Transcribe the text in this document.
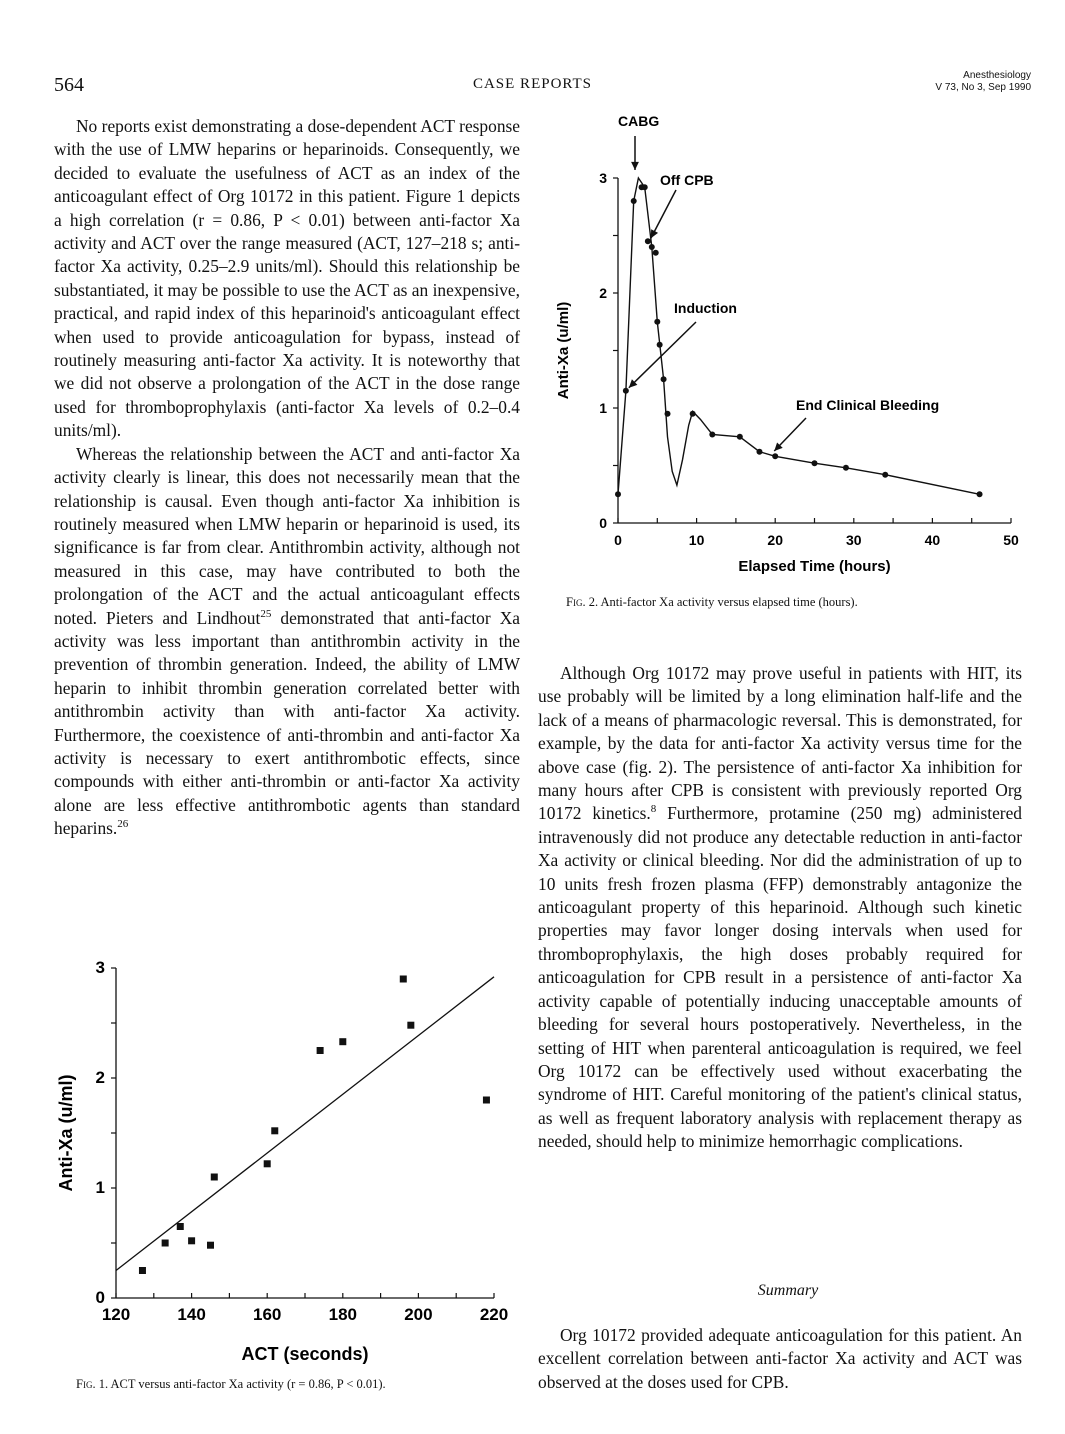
564	CASE REPORTS
Anesthesiology
V 73, No 3, Sep 1990

No reports exist demonstrating a dose-dependent ACT response with the use of LMW heparins or heparinoids. Consequently, we decided to evaluate the usefulness of ACT as an index of the anticoagulant effect of Org 10172 in this patient. Figure 1 depicts a high correlation (r = 0.86, P < 0.01) between anti-factor Xa activity and ACT over the range measured (ACT, 127–218 s; anti-factor Xa activity, 0.25–2.9 units/ml). Should this relationship be substantiated, it may be possible to use the ACT as an inexpensive, practical, and rapid index of this heparinoid's anticoagulant effect when used to provide anticoagulation for bypass, instead of routinely measuring anti-factor Xa activity. It is noteworthy that we did not observe a prolongation of the ACT in the dose range used for thromboprophylaxis (anti-factor Xa levels of 0.2–0.4 units/ml).

Whereas the relationship between the ACT and anti-factor Xa activity clearly is linear, this does not necessarily mean that the relationship is causal. Even though anti-factor Xa inhibition is routinely measured when LMW heparin or heparinoid is used, its significance is far from clear. Antithrombin activity, although not measured in this case, may have contributed to both the prolongation of the ACT and the actual anticoagulant effects noted. Pieters and Lindhout$^{25}$ demonstrated that anti-factor Xa activity was less important than antithrombin activity in the prevention of thrombin generation. Indeed, the ability of LMW heparin to inhibit thrombin generation correlated better with antithrombin activity than with anti-factor Xa activity. Furthermore, the coexistence of anti-thrombin and anti-factor Xa activity is necessary to exert antithrombotic effects, since compounds with either anti-thrombin or anti-factor Xa activity alone are less effective antithrombotic agents than standard heparins.$^{26}$

120	140	160	180	200	220
0
1
2
3
ACT (seconds)
Anti-Xa (u/ml)
Fig. 1. ACT versus anti-factor Xa activity (r = 0.86, P < 0.01).
0	10	20	30	40	50
0
1
2
3
Elapsed Time (hours)
Anti-Xa (u/ml)
CABG
Off CPB
Induction
End Clinical Bleeding
Fig. 2. Anti-factor Xa activity versus elapsed time (hours).

Although Org 10172 may prove useful in patients with HIT, its use probably will be limited by a long elimination half-life and the lack of a means of pharmacologic reversal. This is demonstrated, for example, by the data for anti-factor Xa activity versus time for the above case (fig. 2). The persistence of anti-factor Xa inhibition for many hours after CPB is consistent with previously reported Org 10172 kinetics.$^8$ Furthermore, protamine (250 mg) administered intravenously did not produce any detectable reduction in anti-factor Xa activity or clinical bleeding. Nor did the administration of up to 10 units fresh frozen plasma (FFP) demonstrably antagonize the anticoagulant property of this heparinoid. Although such kinetic properties may favor longer dosing intervals when used for thromboprophylaxis, the high doses probably required for anticoagulation for CPB result in a persistence of anti-factor Xa activity capable of potentially inducing unacceptable amounts of bleeding for several hours postoperatively. Nevertheless, in the setting of HIT when parenteral anticoagulation is required, we feel Org 10172 can be effectively used without exacerbating the syndrome of HIT. Careful monitoring of the patient's clinical status, as well as frequent laboratory analysis with replacement therapy as needed, should help to minimize hemorrhagic complications.

Summary

Org 10172 provided adequate anticoagulation for this patient. An excellent correlation between anti-factor Xa activity and ACT was observed at the doses used for CPB.
